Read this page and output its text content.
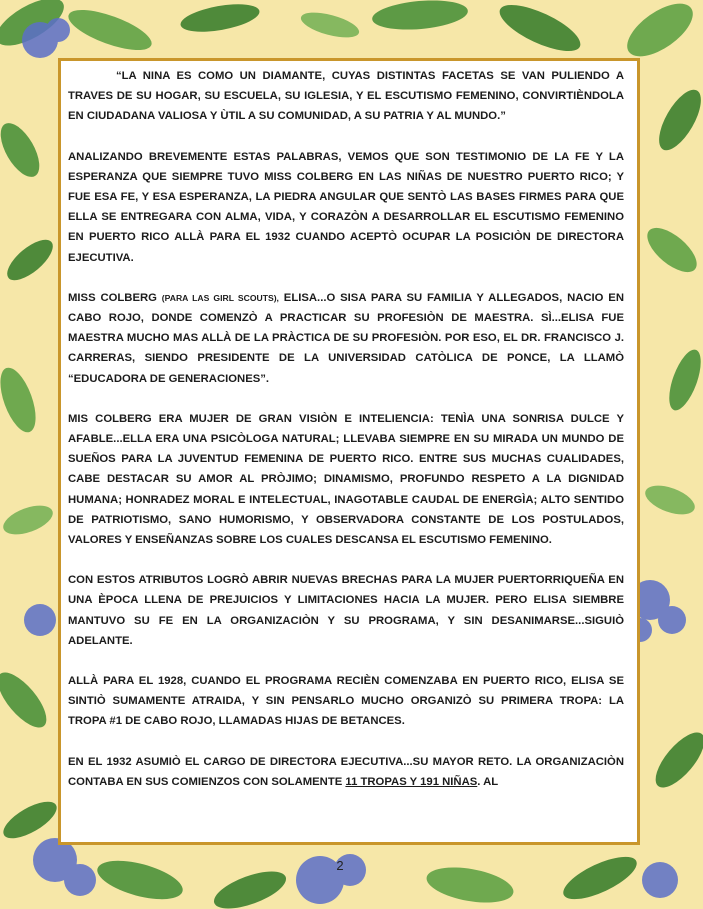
“LA NINA ES COMO UN DIAMANTE, CUYAS DISTINTAS FACETAS SE VAN PULIENDO A TRAVES DE SU HOGAR, SU ESCUELA, SU IGLESIA, Y EL ESCUTISMO FEMENINO, CONVIRTIÈNDOLA EN CIUDADANA VALIOSA Y ÙTIL A SU COMUNIDAD, A SU PATRIA Y AL MUNDO.”

ANALIZANDO BREVEMENTE ESTAS PALABRAS, VEMOS QUE SON TESTIMONIO DE LA FE Y LA ESPERANZA QUE SIEMPRE TUVO MISS COLBERG EN LAS NIÑAS DE NUESTRO PUERTO RICO; Y FUE ESA FE, Y ESA ESPERANZA, LA PIEDRA ANGULAR QUE SENTÒ LAS BASES FIRMES PARA QUE ELLA SE ENTREGARA CON ALMA, VIDA, Y CORAZÒN A DESARROLLAR EL ESCUTISMO FEMENINO EN PUERTO RICO ALLÀ PARA EL 1932 CUANDO ACEPTÒ OCUPAR LA POSICIÒN DE DIRECTORA EJECUTIVA.

MISS COLBERG (PARA LAS GIRL SCOUTS), ELISA...O SISA PARA SU FAMILIA Y ALLEGADOS, NACIO EN CABO ROJO, DONDE COMENZÒ A PRACTICAR SU PROFESIÒN DE MAESTRA. SÌ...ELISA FUE MAESTRA MUCHO MAS ALLÀ DE LA PRÀCTICA DE SU PROFESIÒN. POR ESO, EL DR. FRANCISCO J. CARRERAS, SIENDO PRESIDENTE DE LA UNIVERSIDAD CATÒLICA DE PONCE, LA LLAMÒ “EDUCADORA DE GENERACIONES”.

MIS COLBERG ERA MUJER DE GRAN VISIÒN E INTELIENCIA: TENÌA UNA SONRISA DULCE Y AFABLE...ELLA ERA UNA PSICÒLOGA NATURAL; LLEVABA SIEMPRE EN SU MIRADA UN MUNDO DE SUEÑOS PARA LA JUVENTUD FEMENINA DE PUERTO RICO. ENTRE SUS MUCHAS CUALIDADES, CABE DESTACAR SU AMOR AL PRÒJIMO; DINAMISMO, PROFUNDO RESPETO A LA DIGNIDAD HUMANA; HONRADEZ MORAL E INTELECTUAL, INAGOTABLE CAUDAL DE ENERGÌA; ALTO SENTIDO DE PATRIOTISMO, SANO HUMORISMO, Y OBSERVADORA CONSTANTE DE LOS POSTULADOS, VALORES Y ENSEÑANZAS SOBRE LOS CUALES DESCANSA EL ESCUTISMO FEMENINO.

CON ESTOS ATRIBUTOS LOGRÒ ABRIR NUEVAS BRECHAS PARA LA MUJER PUERTORRIQUEÑA EN UNA ÈPOCA LLENA DE PREJUICIOS Y LIMITACIONES HACIA LA MUJER. PERO ELISA SIEMBRE MANTUVO SU FE EN LA ORGANIZACIÒN Y SU PROGRAMA, Y SIN DESANIMARSE...SIGUIÒ ADELANTE.

ALLÀ PARA EL 1928, CUANDO EL PROGRAMA RECIÈN COMENZABA EN PUERTO RICO, ELISA SE SINTIÒ SUMAMENTE ATRAIDA, Y SIN PENSARLO MUCHO ORGANIZÒ SU PRIMERA TROPA: LA TROPA #1 DE CABO ROJO, LLAMADAS HIJAS DE BETANCES.

EN EL 1932 ASUMIÒ EL CARGO DE DIRECTORA EJECUTIVA...SU MAYOR RETO. LA ORGANIZACIÒN CONTABA EN SUS COMIENZOS CON SOLAMENTE 11 TROPAS Y 191 NIÑAS. AL

2
